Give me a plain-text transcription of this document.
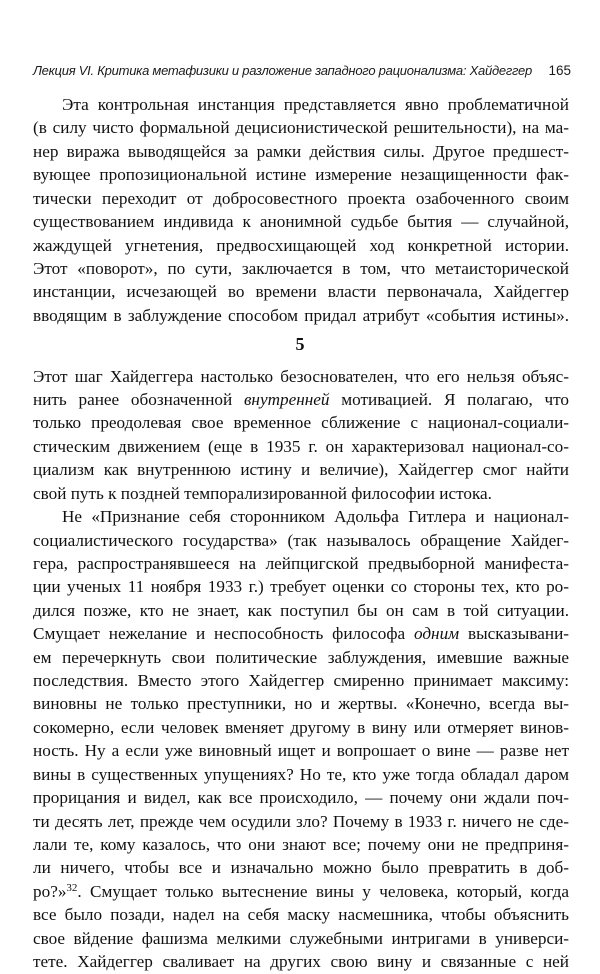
Лекция VI. Критика метафизики и разложение западного рационализма: Хайдеггер 165
Эта контрольная инстанция представляется явно проблематичной
(в силу чисто формальной децисионистической решительности), на ма-
нер виража выводящейся за рамки действия силы. Другое предшест-
вующее пропозициональной истине измерение незащищенности фак-
тически переходит от добросовестного проекта озабоченного своим
существованием индивида к анонимной судьбе бытия — случайной,
жаждущей угнетения, предвосхищающей ход конкретной истории.
Этот «поворот», по сути, заключается в том, что метаисторической
инстанции, исчезающей во времени власти первоначала, Хайдеггер
вводящим в заблуждение способом придал атрибут «события истины».
5
Этот шаг Хайдеггера настолько безоснователен, что его нельзя объяс-
нить ранее обозначенной внутренней мотивацией. Я полагаю, что
только преодолевая свое временное сближение с национал-социали-
стическим движением (еще в 1935 г. он характеризовал национал-со-
циализм как внутреннюю истину и величие), Хайдеггер смог найти
свой путь к поздней темпорализированной философии истока.
Не «Признание себя сторонником Адольфа Гитлера и национал-
социалистического государства» (так называлось обращение Хайдег-
гера, распространявшееся на лейпцигской предвыборной манифеста-
ции ученых 11 ноября 1933 г.) требует оценки со стороны тех, кто ро-
дился позже, кто не знает, как поступил бы он сам в той ситуации.
Смущает нежелание и неспособность философа одним высказывани-
ем перечеркнуть свои политические заблуждения, имевшие важные
последствия. Вместо этого Хайдеггер смиренно принимает максиму:
виновны не только преступники, но и жертвы. «Конечно, всегда вы-
сокомерно, если человек вменяет другому в вину или отмеряет винов-
ность. Ну а если уже виновный ищет и вопрошает о вине — разве нет
вины в существенных упущениях? Но те, кто уже тогда обладал даром
прорицания и видел, как все происходило, — почему они ждали поч-
ти десять лет, прежде чем осудили зло? Почему в 1933 г. ничего не сде-
лали те, кому казалось, что они знают все; почему они не предприня-
ли ничего, чтобы все и изначально можно было превратить в доб-
ро?»$^{32}$. Смущает только вытеснение вины у человека, который, когда
все было позади, надел на себя маску насмешника, чтобы объяснить
свое вйдение фашизма мелкими служебными интригами в универси-
тете. Хайдеггер сваливает на других свою вину и связанные с ней
